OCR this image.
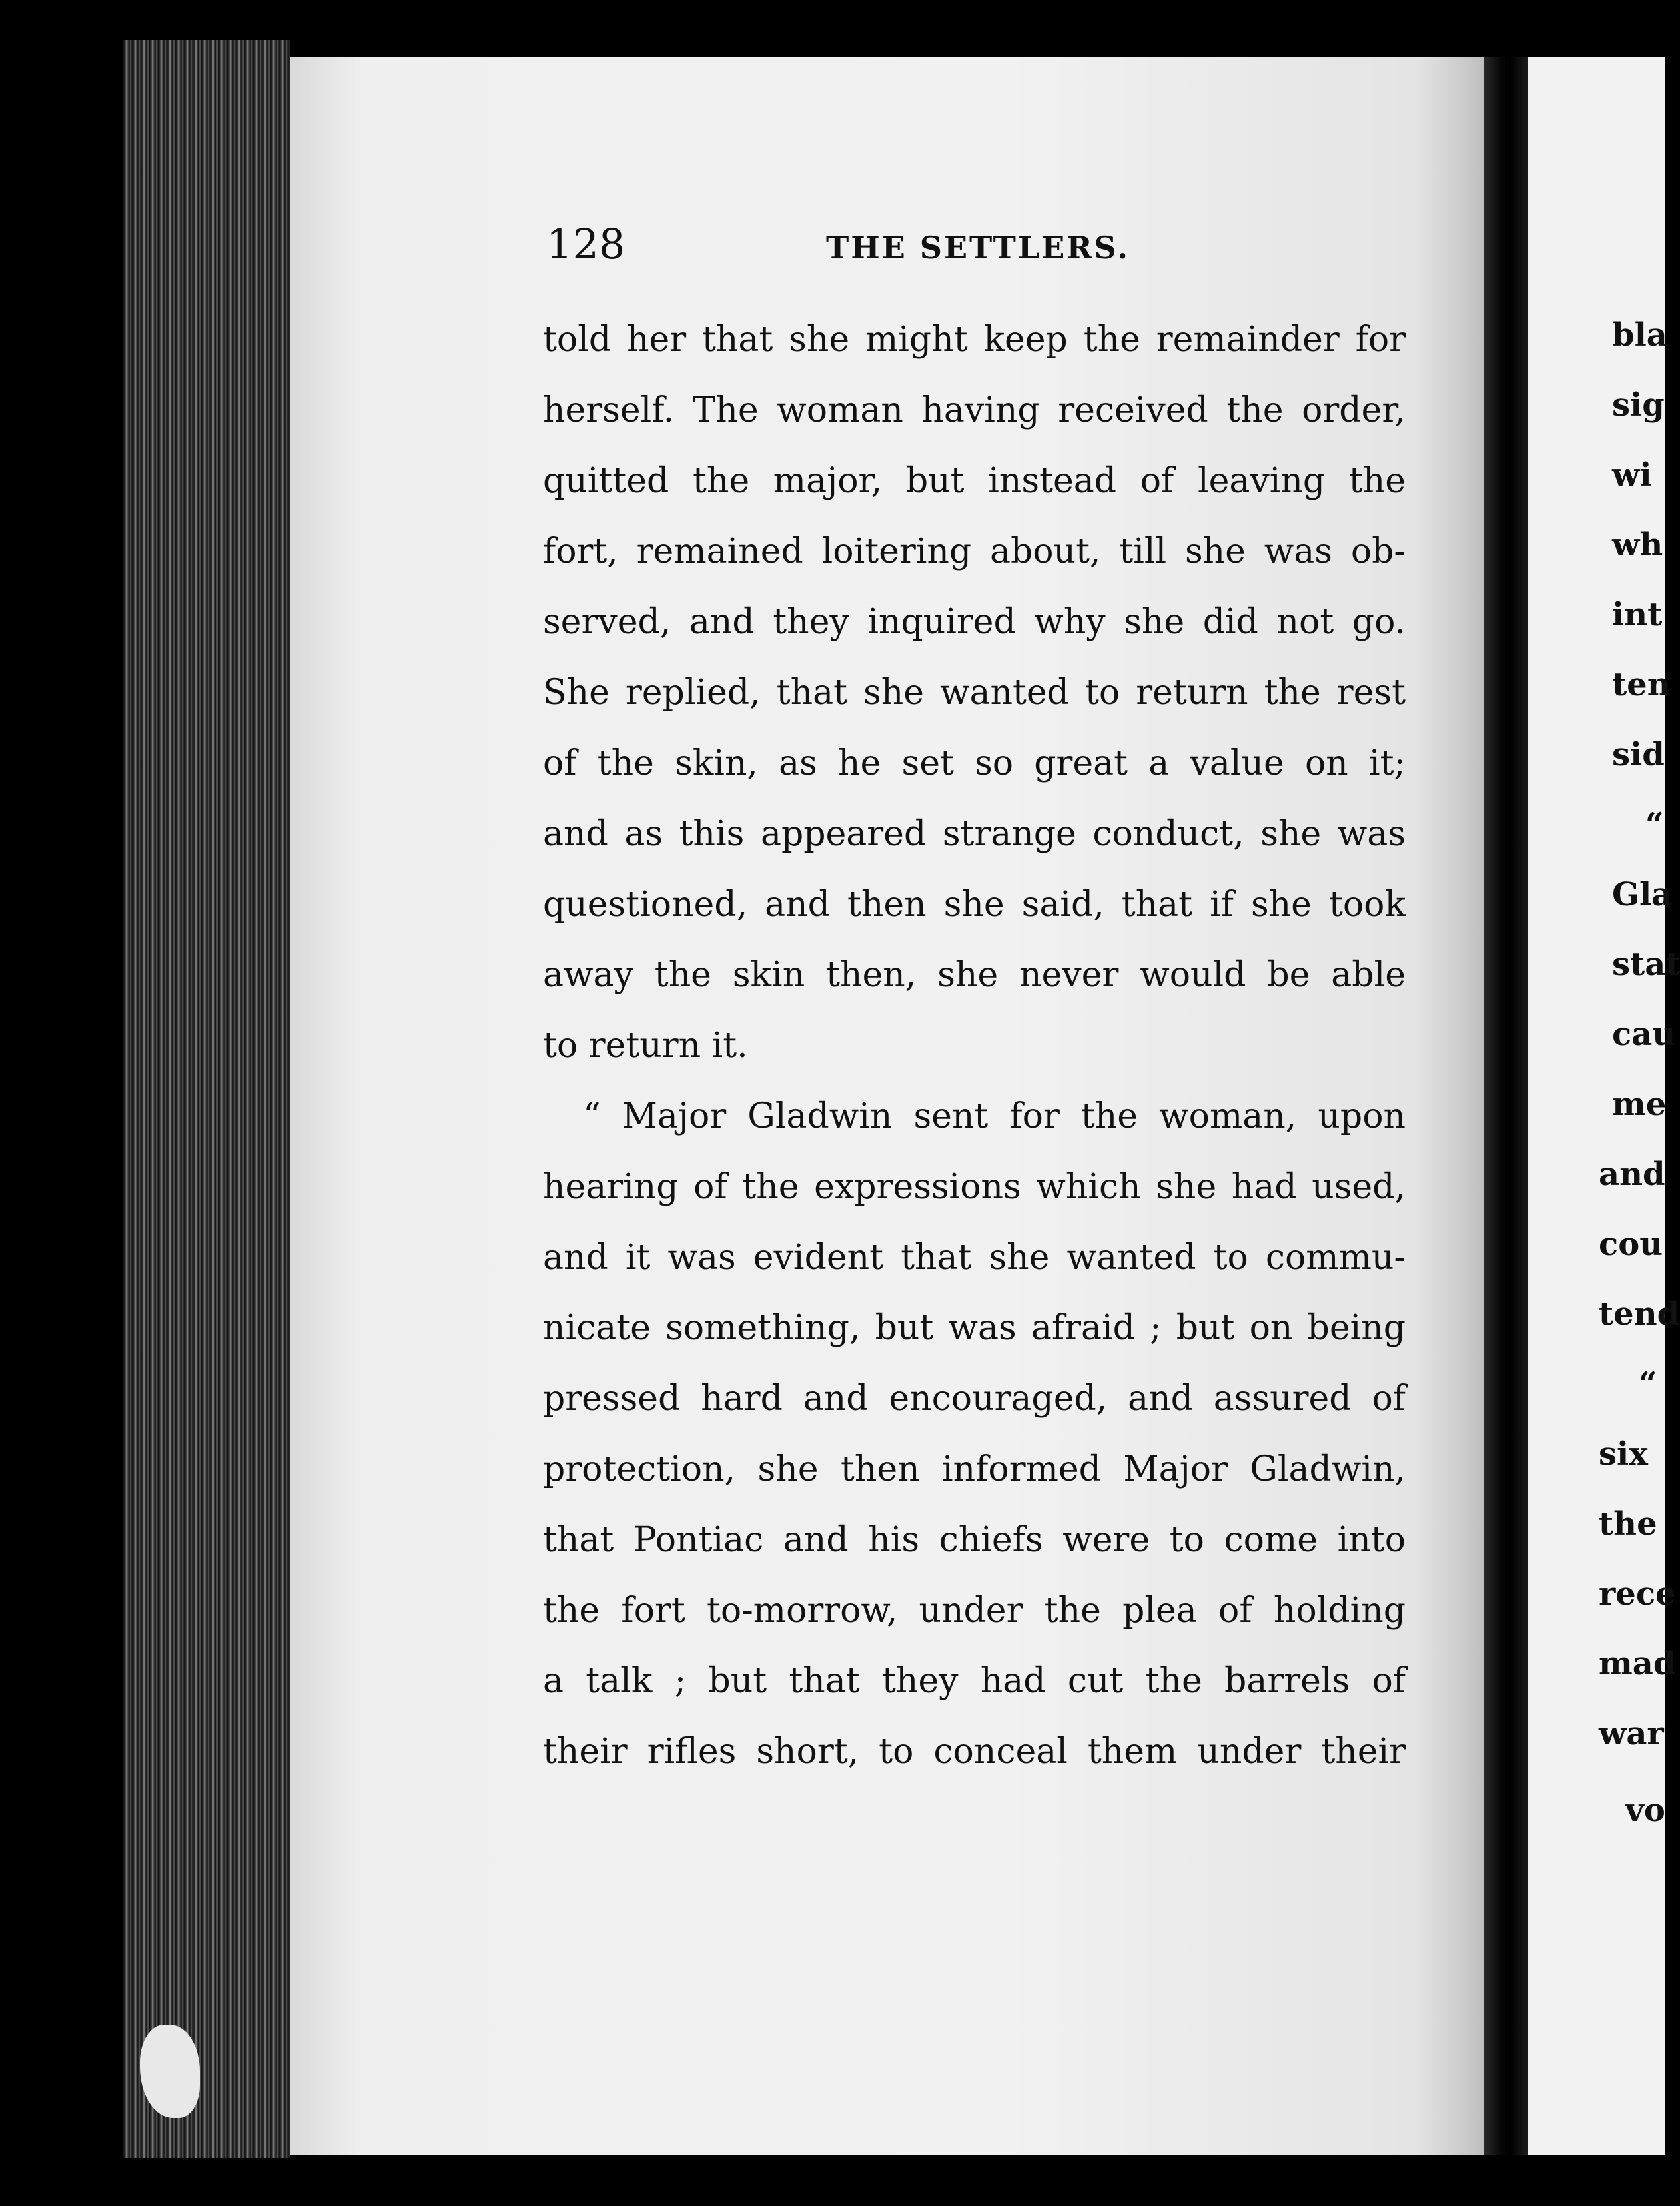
128	THE SETTLERS.
told her that she might keep the remainder for
herself. The woman having received the order,
quitted the major, but instead of leaving the
fort, remained loitering about, till she was ob-
served, and they inquired why she did not go.
She replied, that she wanted to return the rest
of the skin, as he set so great a value on it;
and as this appeared strange conduct, she was
questioned, and then she said, that if she took
away the skin then, she never would be able
to return it.
“ Major Gladwin sent for the woman, upon
hearing of the expressions which she had used,
and it was evident that she wanted to commu-
nicate something, but was afraid ; but on being
pressed hard and encouraged, and assured of
protection, she then informed Major Gladwin,
that Pontiac and his chiefs were to come into
the fort to-morrow, under the plea of holding
a talk ; but that they had cut the barrels of
their rifles short, to conceal them under their
bla
sig
wi
wh
int
ten
sid
“
Gla
stat
cau
me
and
cou
tend
“
six
the
rece
mad
war
vo
